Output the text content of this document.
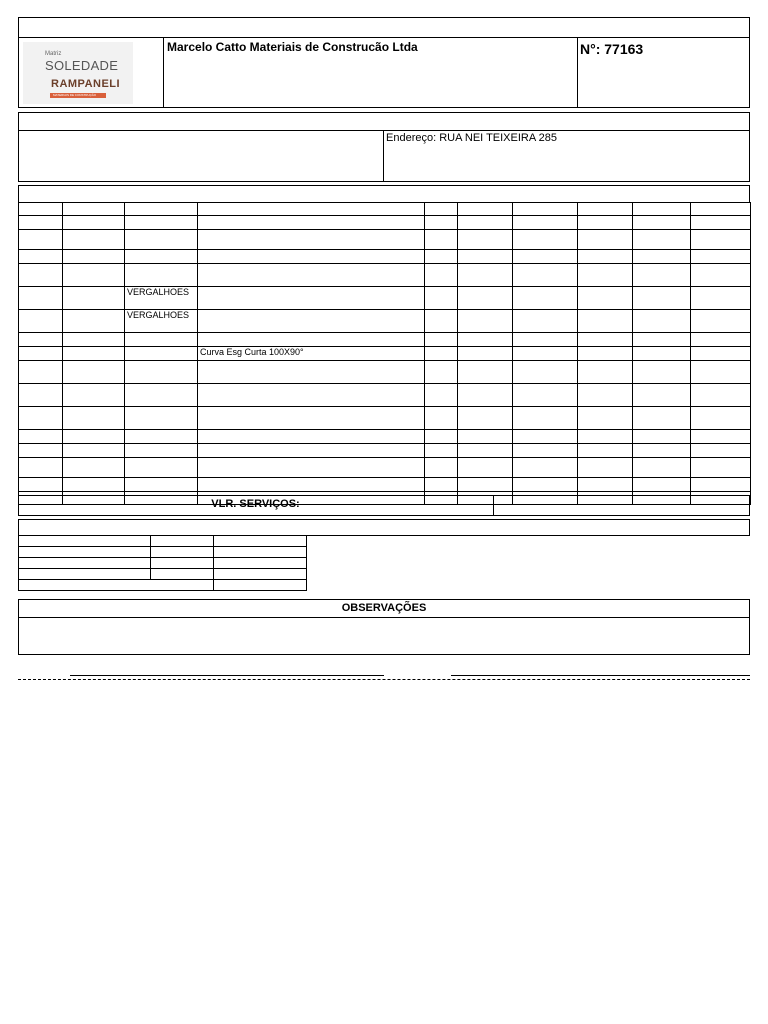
Matriz
SOLEDADE
RAMPANELI
MATERIAIS DE CONSTRUÇÃO
Marcelo Catto Materiais de Construcão Ltda	N°: 77163
Endereço: RUA NEI TEIXEIRA 285

		VERGALHOES							
		VERGALHOES							

			Curva Esg Curta 100X90°						

VLR. SERVIÇOS:

OBSERVAÇÕES
